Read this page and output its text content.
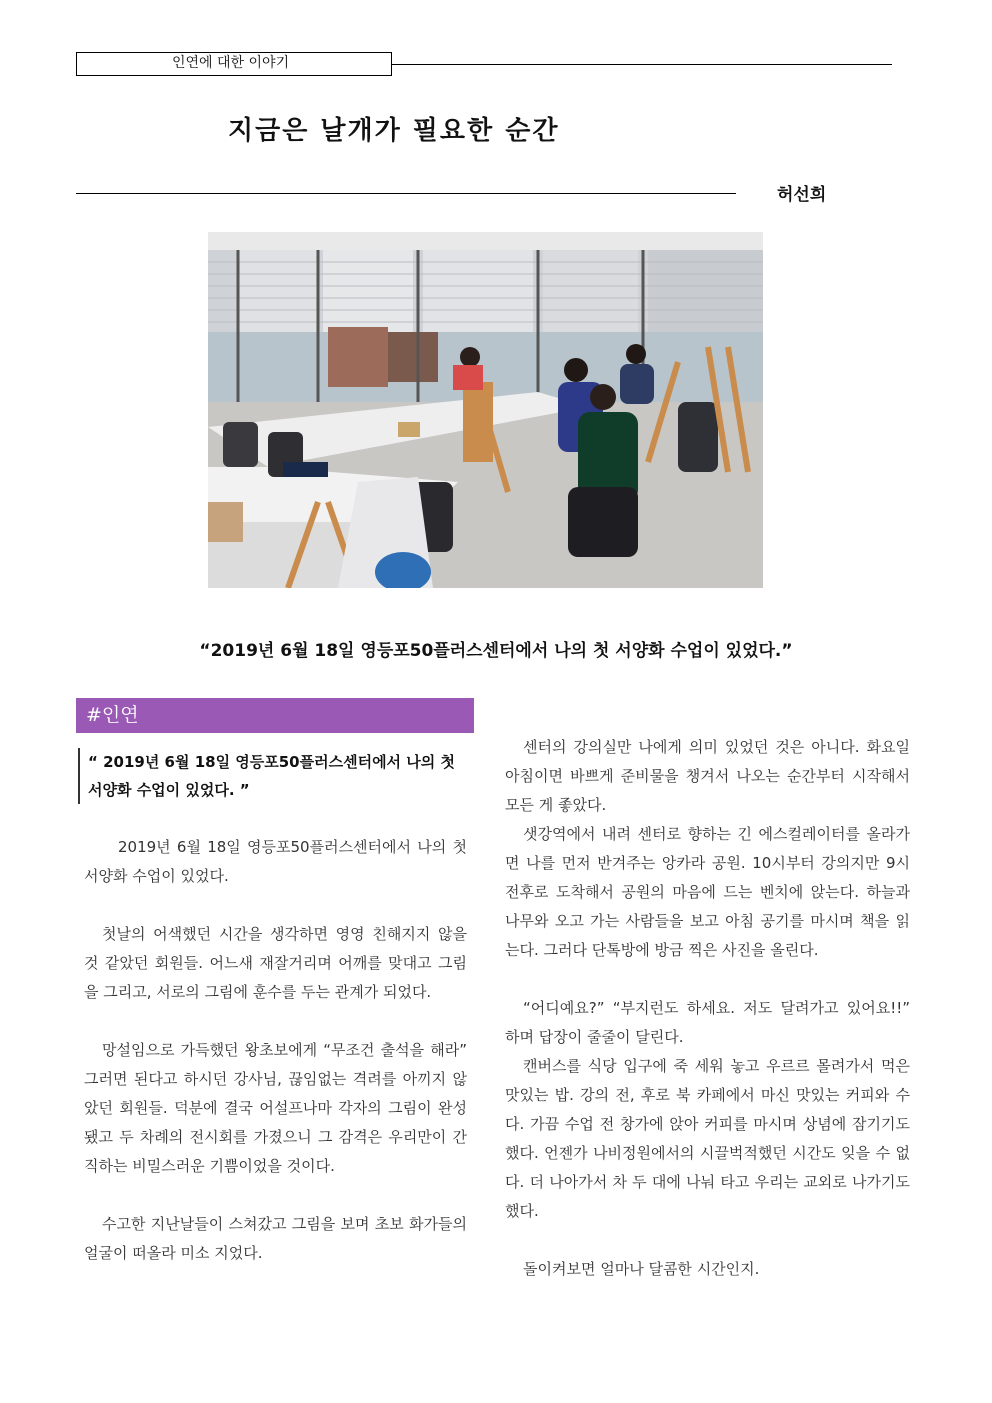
인연에 대한 이야기
지금은 날개가 필요한 순간
허선희
“2019년 6월 18일 영등포50플러스센터에서 나의 첫 서양화 수업이 있었다.”
#인연
“ 2019년 6월 18일 영등포50플러스센터에서 나의 첫 서양화 수업이 있었다. ”

2019년 6월 18일 영등포50플러스센터에서 나의 첫 서양화 수업이 있었다.

첫날의 어색했던 시간을 생각하면 영영 친해지지 않을 것 같았던 회원들. 어느새 재잘거리며 어깨를 맞대고 그림을 그리고, 서로의 그림에 훈수를 두는 관계가 되었다.

망설임으로 가득했던 왕초보에게 “무조건 출석을 해라” 그러면 된다고 하시던 강사님, 끊임없는 격려를 아끼지 않았던 회원들. 덕분에 결국 어설프나마 각자의 그림이 완성됐고 두 차례의 전시회를 가졌으니 그 감격은 우리만이 간직하는 비밀스러운 기쁨이었을 것이다.

수고한 지난날들이 스쳐갔고 그림을 보며 초보 화가들의 얼굴이 떠올라 미소 지었다.

센터의 강의실만 나에게 의미 있었던 것은 아니다. 화요일 아침이면 바쁘게 준비물을 챙겨서 나오는 순간부터 시작해서 모든 게 좋았다.

샛강역에서 내려 센터로 향하는 긴 에스컬레이터를 올라가면 나를 먼저 반겨주는 앙카라 공원. 10시부터 강의지만 9시 전후로 도착해서 공원의 마음에 드는 벤치에 앉는다. 하늘과 나무와 오고 가는 사람들을 보고 아침 공기를 마시며 책을 읽는다. 그러다 단톡방에 방금 찍은 사진을 올린다.

“어디예요?” “부지런도 하세요. 저도 달려가고 있어요!!” 하며 답장이 줄줄이 달린다.

캔버스를 식당 입구에 죽 세워 놓고 우르르 몰려가서 먹은 맛있는 밥. 강의 전, 후로 북 카페에서 마신 맛있는 커피와 수다. 가끔 수업 전 창가에 앉아 커피를 마시며 상념에 잠기기도 했다. 언젠가 나비정원에서의 시끌벅적했던 시간도 잊을 수 없다. 더 나아가서 차 두 대에 나눠 타고 우리는 교외로 나가기도 했다.

돌이켜보면 얼마나 달콤한 시간인지.
